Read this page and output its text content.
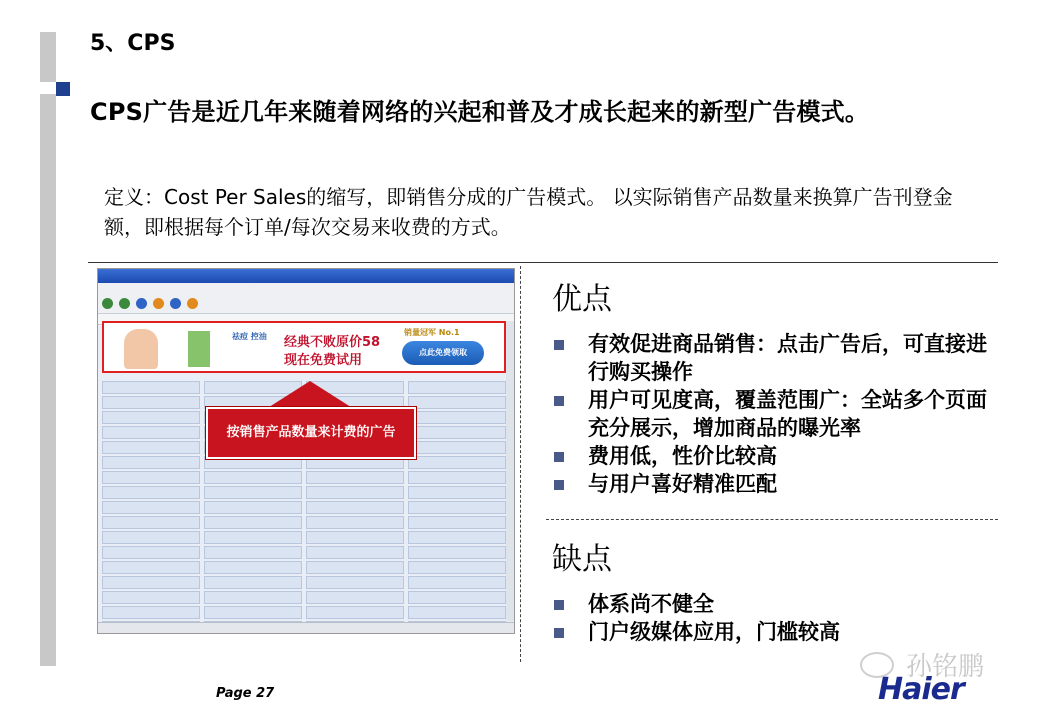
5、CPS
CPS广告是近几年来随着网络的兴起和普及才成长起来的新型广告模式。
定义：Cost Per Sales的缩写，即销售分成的广告模式。 以实际销售产品数量来换算广告刊登金额，即根据每个订单/每次交易来收费的方式。
祛痘 控油 经典不败原价58
现在免费试用
销量冠军 No.1
点此免费领取
按销售产品数量来计费的广告
优点
有效促进商品销售：点击广告后，可直接进行购买操作
用户可见度高，覆盖范围广：全站多个页面充分展示，增加商品的曝光率
费用低，性价比较高
与用户喜好精准匹配
缺点
体系尚不健全
门户级媒体应用，门槛较高
Page 27
孙铭鹏
Haier
